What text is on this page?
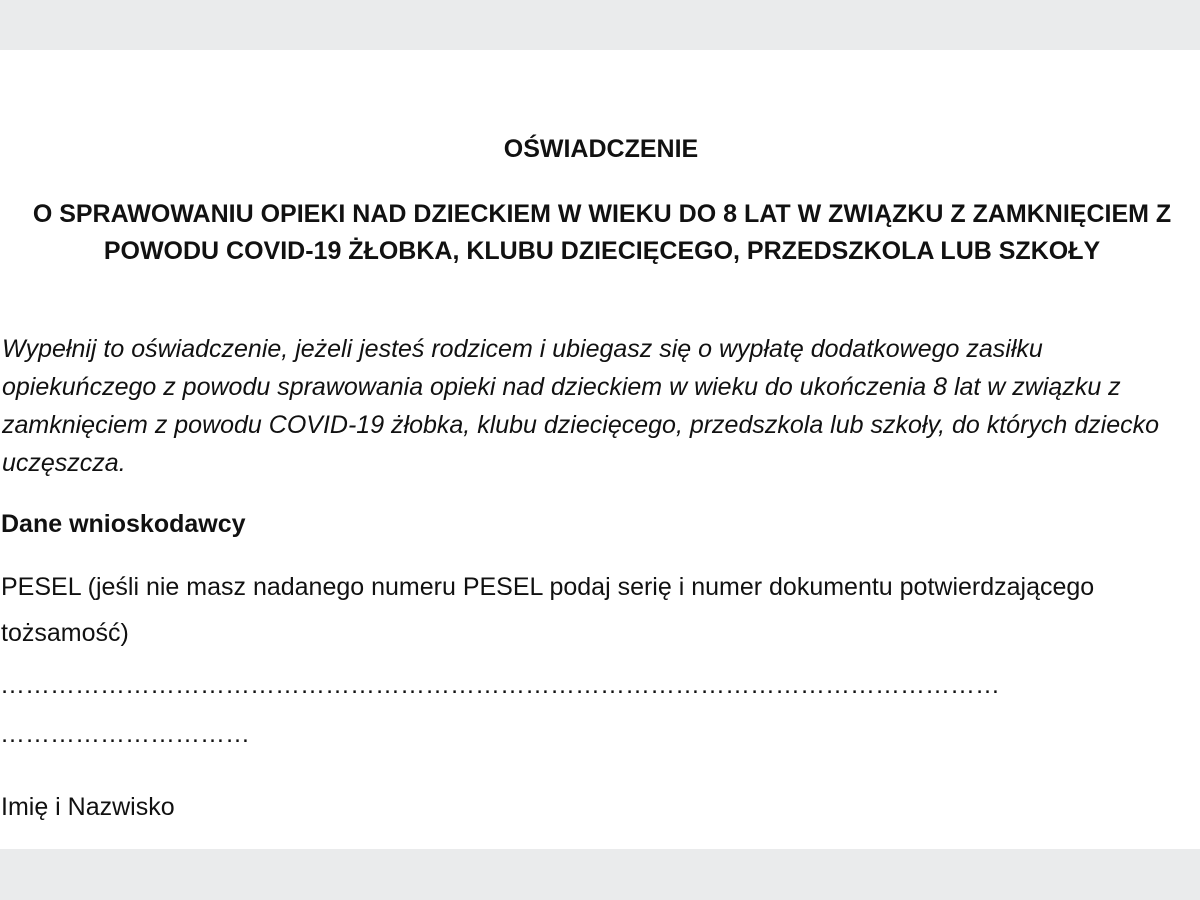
OŚWIADCZENIE
O SPRAWOWANIU OPIEKI NAD DZIECKIEM W WIEKU DO 8 LAT W ZWIĄZKU Z ZAMKNIĘCIEM Z POWODU COVID-19 ŻŁOBKA, KLUBU DZIECIĘCEGO, PRZEDSZKOLA LUB SZKOŁY

Wypełnij to oświadczenie, jeżeli jesteś rodzicem i ubiegasz się o wypłatę dodatkowego zasiłku opiekuńczego z powodu sprawowania opieki nad dzieckiem w wieku do ukończenia 8 lat w związku z zamknięciem z powodu COVID-19 żłobka, klubu dziecięcego, przedszkola lub szkoły, do których dziecko uczęszcza.

Dane wnioskodawcy

PESEL (jeśli nie masz nadanego numeru PESEL podaj serię i numer dokumentu potwierdzającego tożsamość)

…………………………………………………………………………………………………………
…………………………

Imię i Nazwisko
